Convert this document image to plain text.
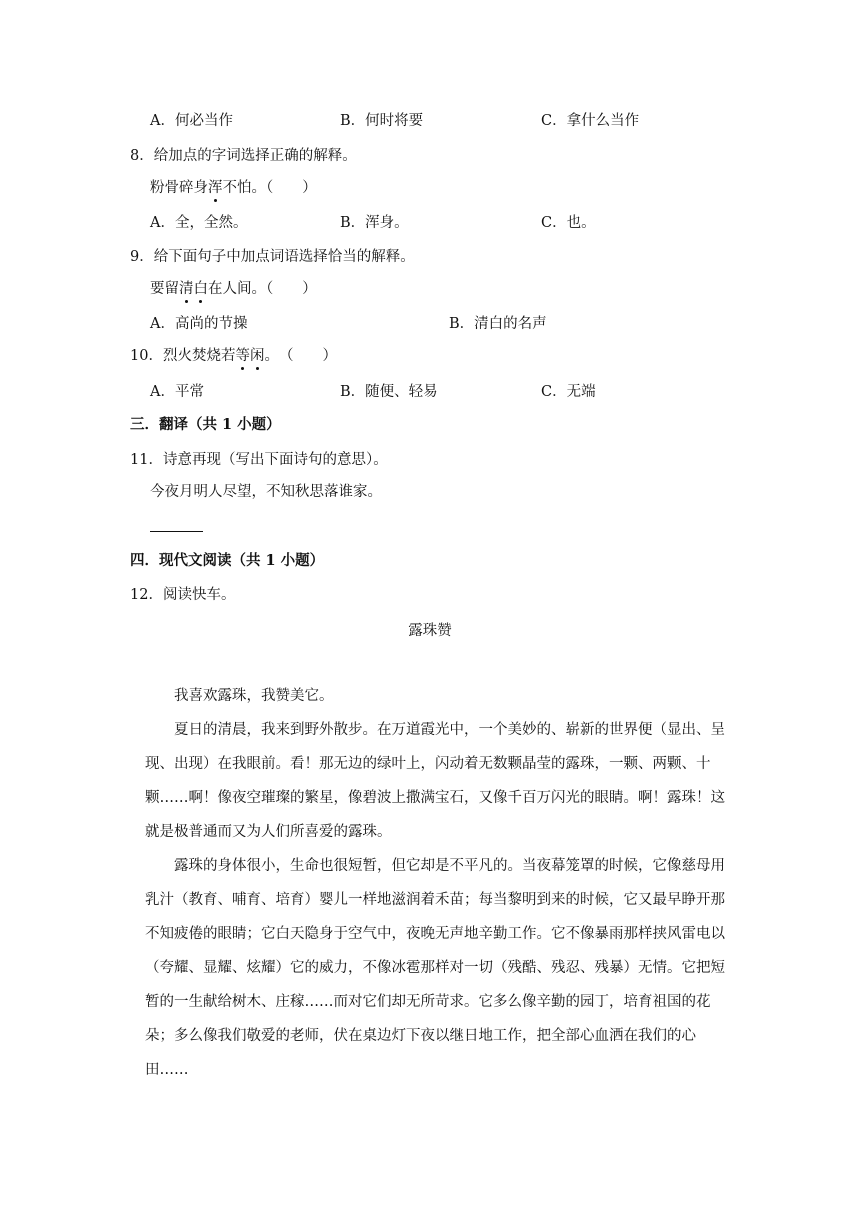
A．何必当作	B．何时将要	C．拿什么当作
8．给加点的字词选择正确的解释。
粉骨碎身浑不怕。（　　）
A．全，全然。	B．浑身。	C．也。
9．给下面句子中加点词语选择恰当的解释。
要留清白在人间。（　　）
A．高尚的节操	B．清白的名声
10．烈火焚烧若等闲。　（　　）
A．平常	B．随便、轻易	C．无端
三．翻译（共 1 小题）
11．诗意再现（写出下面诗句的意思）。
今夜月明人尽望，不知秋思落谁家。
四．现代文阅读（共 1 小题）
12．阅读快车。
露珠赞
我喜欢露珠，我赞美它。
夏日的清晨，我来到野外散步。在万道霞光中，一个美妙的、崭新的世界便（显出、呈现、出现）在我眼前。看！那无边的绿叶上，闪动着无数颗晶莹的露珠，一颗、两颗、十颗……啊！像夜空璀璨的繁星，像碧波上撒满宝石，又像千百万闪光的眼睛。啊！露珠！这就是极普通而又为人们所喜爱的露珠。
露珠的身体很小，生命也很短暂，但它却是不平凡的。当夜幕笼罩的时候，它像慈母用乳汁（教育、哺育、培育）婴儿一样地滋润着禾苗；每当黎明到来的时候，它又最早睁开那不知疲倦的眼睛；它白天隐身于空气中，夜晚无声地辛勤工作。它不像暴雨那样挟风雷电以（夸耀、显耀、炫耀）它的威力，不像冰雹那样对一切（残酷、残忍、残暴）无情。它把短暂的一生献给树木、庄稼……而对它们却无所苛求。它多么像辛勤的园丁，培育祖国的花朵；多么像我们敬爱的老师，伏在桌边灯下夜以继日地工作，把全部心血洒在我们的心田……
